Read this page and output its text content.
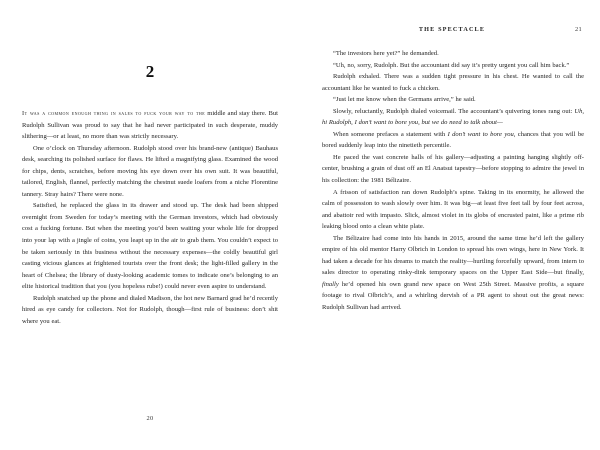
2

It was a common enough thing in sales to fuck your way to the middle and stay there. But Rudolph Sullivan was proud to say that he had never participated in such desperate, muddy slithering—or at least, no more than was strictly necessary.

One o’clock on Thursday afternoon. Rudolph stood over his brand-new (antique) Bauhaus desk, searching its polished surface for flaws. He lifted a magnifying glass. Examined the wood for chips, dents, scratches, before moving his eye down over his own suit. It was beautiful, tailored, English, flannel, perfectly matching the chestnut suede loafers from a niche Florentine tannery. Stray hairs? There were none.

Satisfied, he replaced the glass in its drawer and stood up. The desk had been shipped overnight from Sweden for today’s meeting with the German investors, which had obviously cost a fucking fortune. But when the meeting you’d been waiting your whole life for dropped into your lap with a jingle of coins, you leapt up in the air to grab them. You couldn’t expect to be taken seriously in this business without the necessary expenses—the coldly beautiful girl casting vicious glances at frightened tourists over the front desk; the light-filled gallery in the heart of Chelsea; the library of dusty-looking academic tomes to indicate one’s belonging to an elite historical tradition that you (you hopeless rube!) could never even aspire to understand.

Rudolph snatched up the phone and dialed Madison, the hot new Barnard grad he’d recently hired as eye candy for collectors. Not for Rudolph, though—first rule of business: don’t shit where you eat.

20
THE SPECTACLE	21

“The investors here yet?” he demanded.

“Uh, no, sorry, Rudolph. But the accountant did say it’s pretty urgent you call him back.”

Rudolph exhaled. There was a sudden tight pressure in his chest. He wanted to call the accountant like he wanted to fuck a chicken.

“Just let me know when the Germans arrive,” he said.

Slowly, reluctantly, Rudolph dialed voicemail. The accountant’s quivering tones rang out: Uh, hi Rudolph, I don’t want to bore you, but we do need to talk about—

When someone prefaces a statement with I don’t want to bore you, chances that you will be bored suddenly leap into the ninetieth percentile.

He paced the vast concrete halls of his gallery—adjusting a painting hanging slightly off-center, brushing a grain of dust off an El Anatsui tapestry—before stopping to admire the jewel in his collection: the 1981 Bélizaire.

A frisson of satisfaction ran down Rudolph’s spine. Taking in its enormity, he allowed the calm of possession to wash slowly over him. It was big—at least five feet tall by four feet across, and abattoir red with impasto. Slick, almost violet in its globs of encrusted paint, like a prime rib leaking blood onto a clean white plate.

The Bélizaire had come into his hands in 2015, around the same time he’d left the gallery empire of his old mentor Harry Olbrich in London to spread his own wings, here in New York. It had taken a decade for his dreams to match the reality—hurtling forcefully upward, from intern to sales director to operating rinky-dink temporary spaces on the Upper East Side—but finally, finally he’d opened his own grand new space on West 25th Street. Massive profits, a square footage to rival Olbrich’s, and a whirling dervish of a PR agent to shout out the great news: Rudolph Sullivan had arrived.
